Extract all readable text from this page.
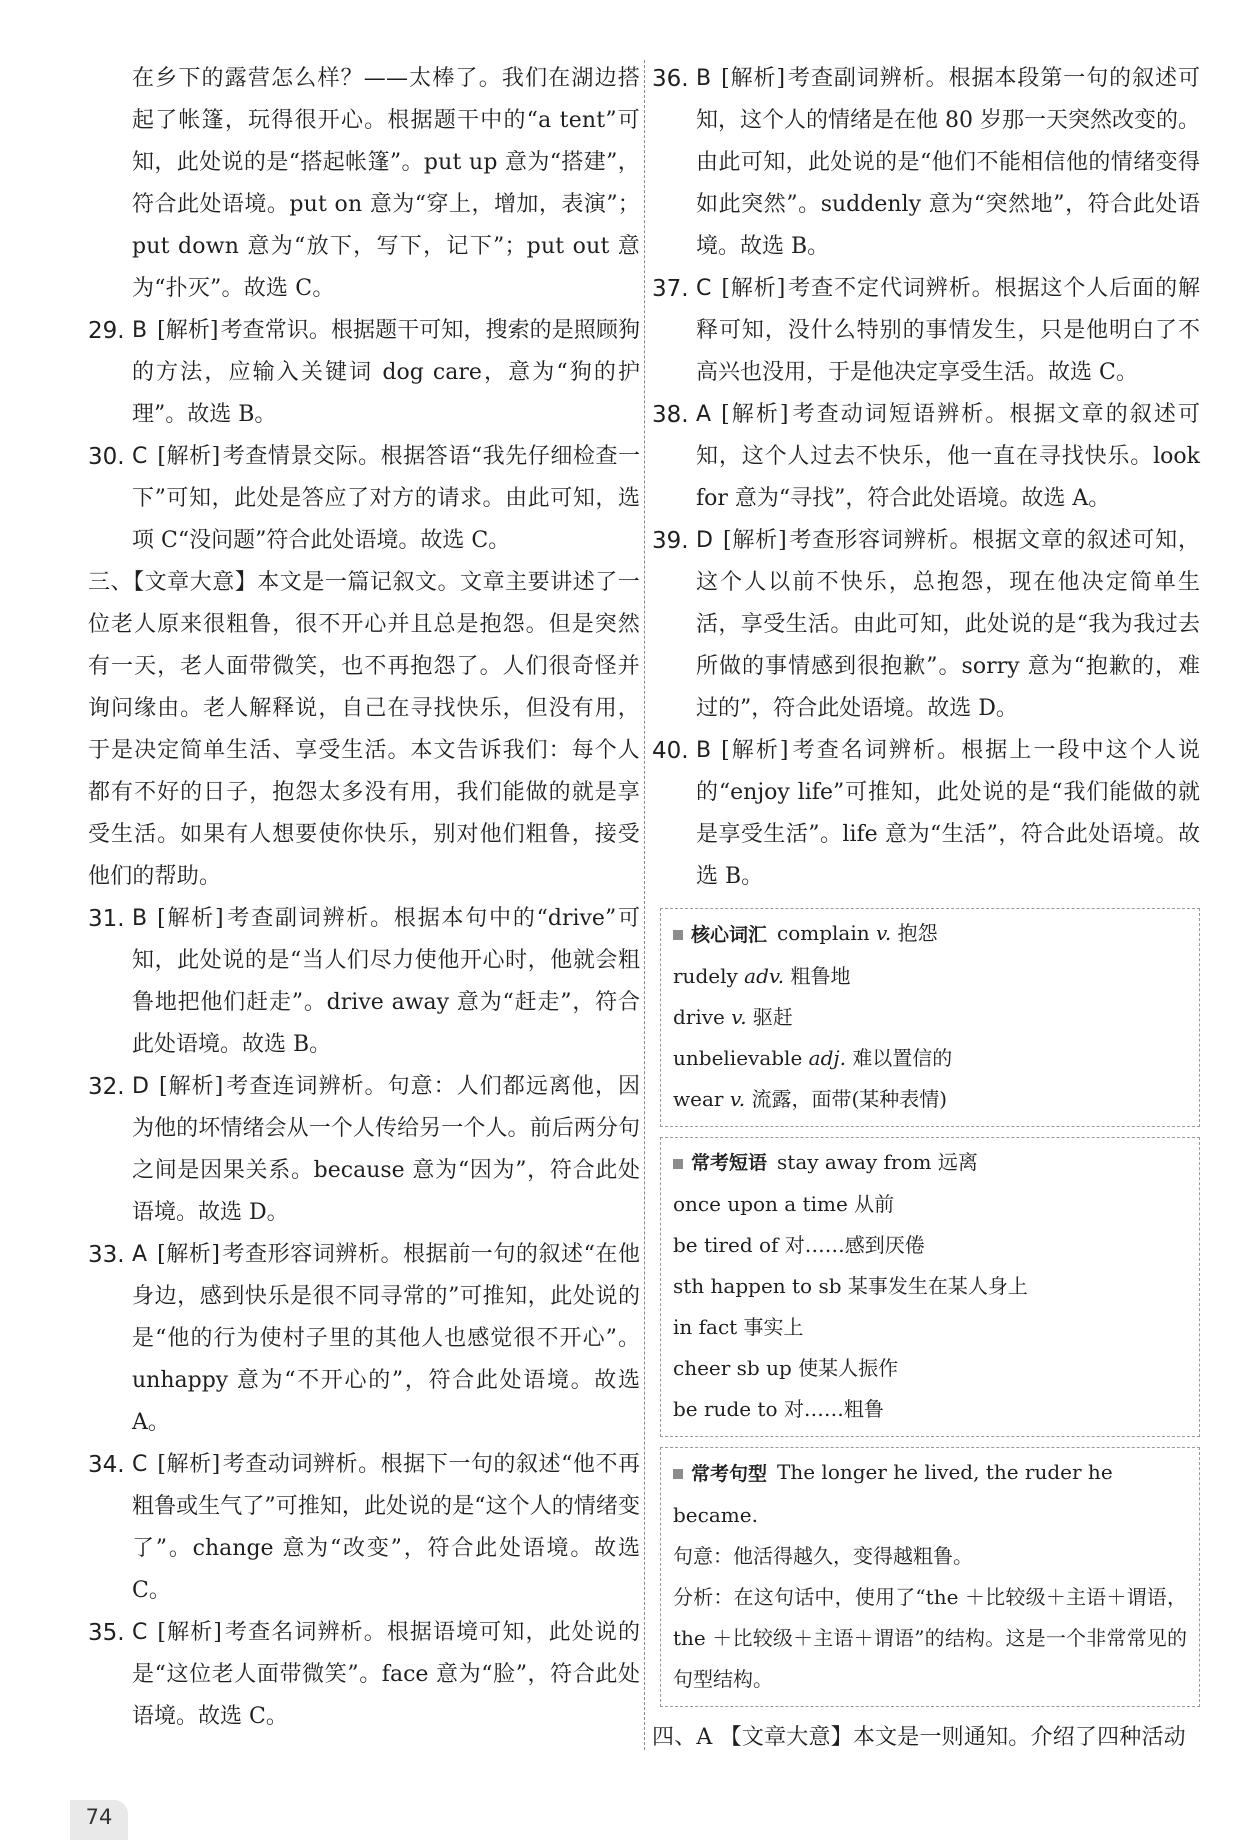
在乡下的露营怎么样？——太棒了。我们在湖边搭起了帐篷，玩得很开心。根据题干中的“a tent”可知，此处说的是“搭起帐篷”。put up 意为“搭建”，符合此处语境。put on 意为“穿上，增加，表演”；put down 意为“放下，写下，记下”；put out 意为“扑灭”。故选 C。

29. B [解析]考查常识。根据题干可知，搜索的是照顾狗的方法，应输入关键词 dog care，意为“狗的护理”。故选 B。
30. C [解析]考查情景交际。根据答语“我先仔细检查一下”可知，此处是答应了对方的请求。由此可知，选项 C“没问题”符合此处语境。故选 C。

三、【文章大意】本文是一篇记叙文。文章主要讲述了一位老人原来很粗鲁，很不开心并且总是抱怨。但是突然有一天，老人面带微笑，也不再抱怨了。人们很奇怪并询问缘由。老人解释说，自己在寻找快乐，但没有用，于是决定简单生活、享受生活。本文告诉我们：每个人都有不好的日子，抱怨太多没有用，我们能做的就是享受生活。如果有人想要使你快乐，别对他们粗鲁，接受他们的帮助。

31. B [解析]考查副词辨析。根据本句中的“drive”可知，此处说的是“当人们尽力使他开心时，他就会粗鲁地把他们赶走”。drive away 意为“赶走”，符合此处语境。故选 B。
32. D [解析]考查连词辨析。句意：人们都远离他，因为他的坏情绪会从一个人传给另一个人。前后两分句之间是因果关系。because 意为“因为”，符合此处语境。故选 D。
33. A [解析]考查形容词辨析。根据前一句的叙述“在他身边，感到快乐是很不同寻常的”可推知，此处说的是“他的行为使村子里的其他人也感觉很不开心”。unhappy 意为“不开心的”，符合此处语境。故选 A。
34. C [解析]考查动词辨析。根据下一句的叙述“他不再粗鲁或生气了”可推知，此处说的是“这个人的情绪变了”。change 意为“改变”，符合此处语境。故选 C。
35. C [解析]考查名词辨析。根据语境可知，此处说的是“这位老人面带微笑”。face 意为“脸”，符合此处语境。故选 C。
36. B [解析]考查副词辨析。根据本段第一句的叙述可知，这个人的情绪是在他 80 岁那一天突然改变的。由此可知，此处说的是“他们不能相信他的情绪变得如此突然”。suddenly 意为“突然地”，符合此处语境。故选 B。
37. C [解析]考查不定代词辨析。根据这个人后面的解释可知，没什么特别的事情发生，只是他明白了不高兴也没用，于是他决定享受生活。故选 C。
38. A [解析]考查动词短语辨析。根据文章的叙述可知，这个人过去不快乐，他一直在寻找快乐。look for 意为“寻找”，符合此处语境。故选 A。
39. D [解析]考查形容词辨析。根据文章的叙述可知，这个人以前不快乐，总抱怨，现在他决定简单生活，享受生活。由此可知，此处说的是“我为我过去所做的事情感到很抱歉”。sorry 意为“抱歉的，难过的”，符合此处语境。故选 D。
40. B [解析]考查名词辨析。根据上一段中这个人说的“enjoy life”可推知，此处说的是“我们能做的就是享受生活”。life 意为“生活”，符合此处语境。故选 B。
核心词汇 complain v. 抱怨
rudely adv. 粗鲁地
drive v. 驱赶
unbelievable adj. 难以置信的
wear v. 流露，面带(某种表情)
常考短语 stay away from 远离
once upon a time 从前
be tired of 对……感到厌倦
sth happen to sb 某事发生在某人身上
in fact 事实上
cheer sb up 使某人振作
be rude to 对……粗鲁
常考句型 The longer he lived, the ruder he became.
句意：他活得越久，变得越粗鲁。
分析：在这句话中，使用了“the ＋比较级＋主语＋谓语，the ＋比较级＋主语＋谓语”的结构。这是一个非常常见的句型结构。

四、A 【文章大意】本文是一则通知。介绍了四种活动

74
